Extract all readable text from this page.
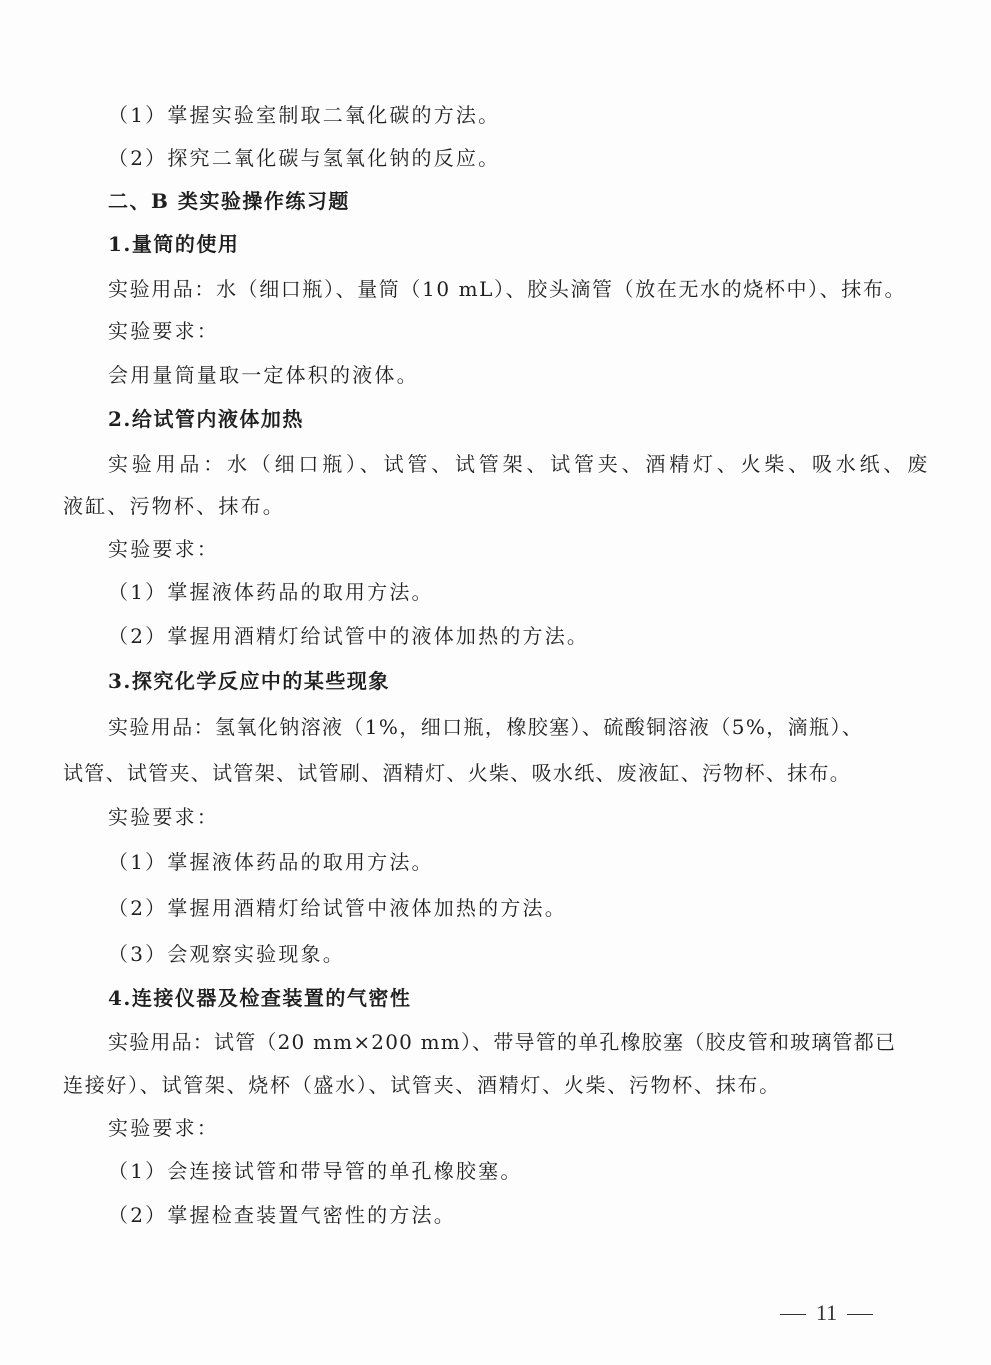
（1）掌握实验室制取二氧化碳的方法。
（2）探究二氧化碳与氢氧化钠的反应。
二、B 类实验操作练习题
1.量筒的使用
实验用品：水（细口瓶）、量筒（10 mL）、胶头滴管（放在无水的烧杯中）、抹布。
实验要求：
会用量筒量取一定体积的液体。
2.给试管内液体加热
实验用品：水（细口瓶）、试管、试管架、试管夹、酒精灯、火柴、吸水纸、废
液缸、污物杯、抹布。
实验要求：
（1）掌握液体药品的取用方法。
（2）掌握用酒精灯给试管中的液体加热的方法。
3.探究化学反应中的某些现象
实验用品：氢氧化钠溶液（1%，细口瓶，橡胶塞）、硫酸铜溶液（5%，滴瓶）、
试管、试管夹、试管架、试管刷、酒精灯、火柴、吸水纸、废液缸、污物杯、抹布。
实验要求：
（1）掌握液体药品的取用方法。
（2）掌握用酒精灯给试管中液体加热的方法。
（3）会观察实验现象。
4.连接仪器及检查装置的气密性
实验用品：试管（20 mm×200 mm）、带导管的单孔橡胶塞（胶皮管和玻璃管都已
连接好）、试管架、烧杯（盛水）、试管夹、酒精灯、火柴、污物杯、抹布。
实验要求：
（1）会连接试管和带导管的单孔橡胶塞。
（2）掌握检查装置气密性的方法。
11
